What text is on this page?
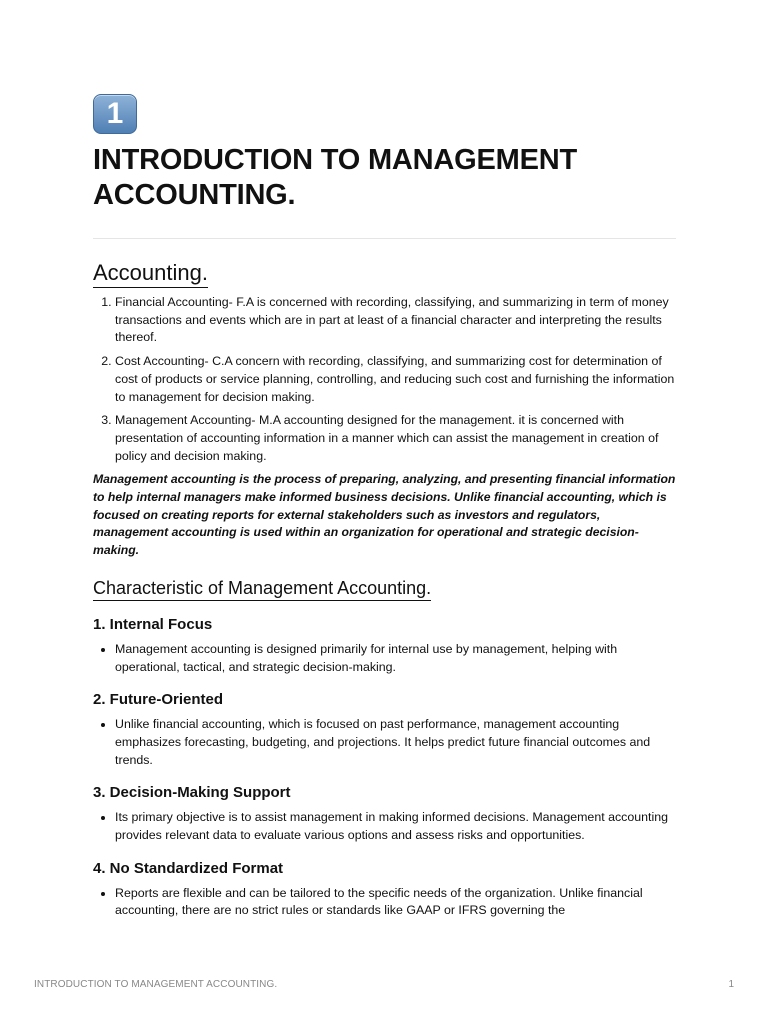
1
INTRODUCTION TO MANAGEMENT ACCOUNTING.
Accounting.
1. Financial Accounting- F.A is concerned with recording, classifying, and summarizing in term of money transactions and events which are in part at least of a financial character and interpreting the results thereof.
2. Cost Accounting- C.A concern with recording, classifying, and summarizing cost for determination of cost of products or service planning, controlling, and reducing such cost and furnishing the information to management for decision making.
3. Management Accounting- M.A accounting designed for the management. it is concerned with presentation of accounting information in a manner which can assist the management in creation of policy and decision making.

Management accounting is the process of preparing, analyzing, and presenting financial information to help internal managers make informed business decisions. Unlike financial accounting, which is focused on creating reports for external stakeholders such as investors and regulators, management accounting is used within an organization for operational and strategic decision-making.

Characteristic of Management Accounting.
1. Internal Focus
• Management accounting is designed primarily for internal use by management, helping with operational, tactical, and strategic decision-making.
2. Future-Oriented
• Unlike financial accounting, which is focused on past performance, management accounting emphasizes forecasting, budgeting, and projections. It helps predict future financial outcomes and trends.
3. Decision-Making Support
• Its primary objective is to assist management in making informed decisions. Management accounting provides relevant data to evaluate various options and assess risks and opportunities.
4. No Standardized Format
• Reports are flexible and can be tailored to the specific needs of the organization. Unlike financial accounting, there are no strict rules or standards like GAAP or IFRS governing the
INTRODUCTION TO MANAGEMENT ACCOUNTING.	1
